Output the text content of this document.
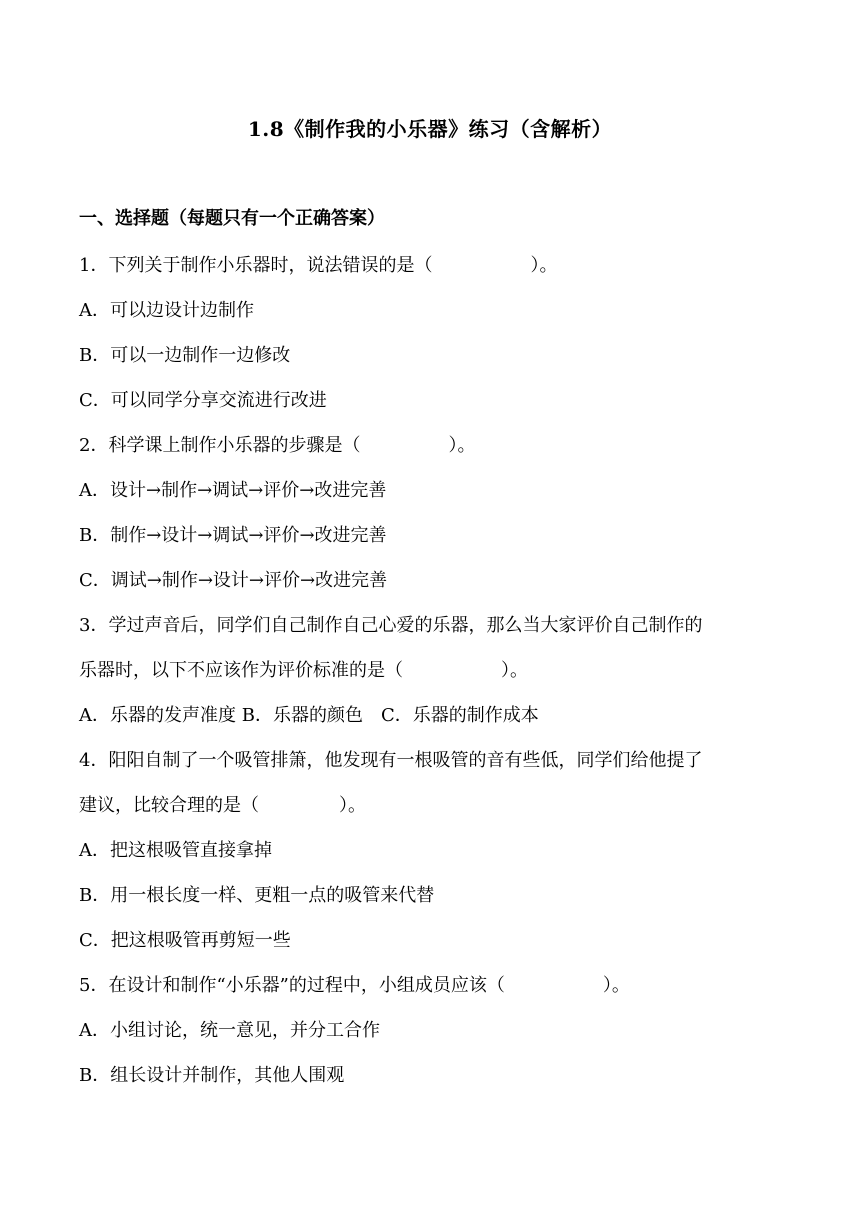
1.8《制作我的小乐器》练习（含解析）
一、选择题（每题只有一个正确答案）
1．下列关于制作小乐器时，说法错误的是（	）。
A．可以边设计边制作
B．可以一边制作一边修改
C．可以同学分享交流进行改进
2．科学课上制作小乐器的步骤是（	）。
A．设计→制作→调试→评价→改进完善
B．制作→设计→调试→评价→改进完善
C．调试→制作→设计→评价→改进完善
3．学过声音后，同学们自己制作自己心爱的乐器，那么当大家评价自己制作的
乐器时，以下不应该作为评价标准的是（	）。
A．乐器的发声准度 B．乐器的颜色　C．乐器的制作成本
4．阳阳自制了一个吸管排箫，他发现有一根吸管的音有些低，同学们给他提了
建议，比较合理的是（	）。
A．把这根吸管直接拿掉
B．用一根长度一样、更粗一点的吸管来代替
C．把这根吸管再剪短一些
5．在设计和制作“小乐器”的过程中，小组成员应该（	）。
A．小组讨论，统一意见，并分工合作
B．组长设计并制作，其他人围观
